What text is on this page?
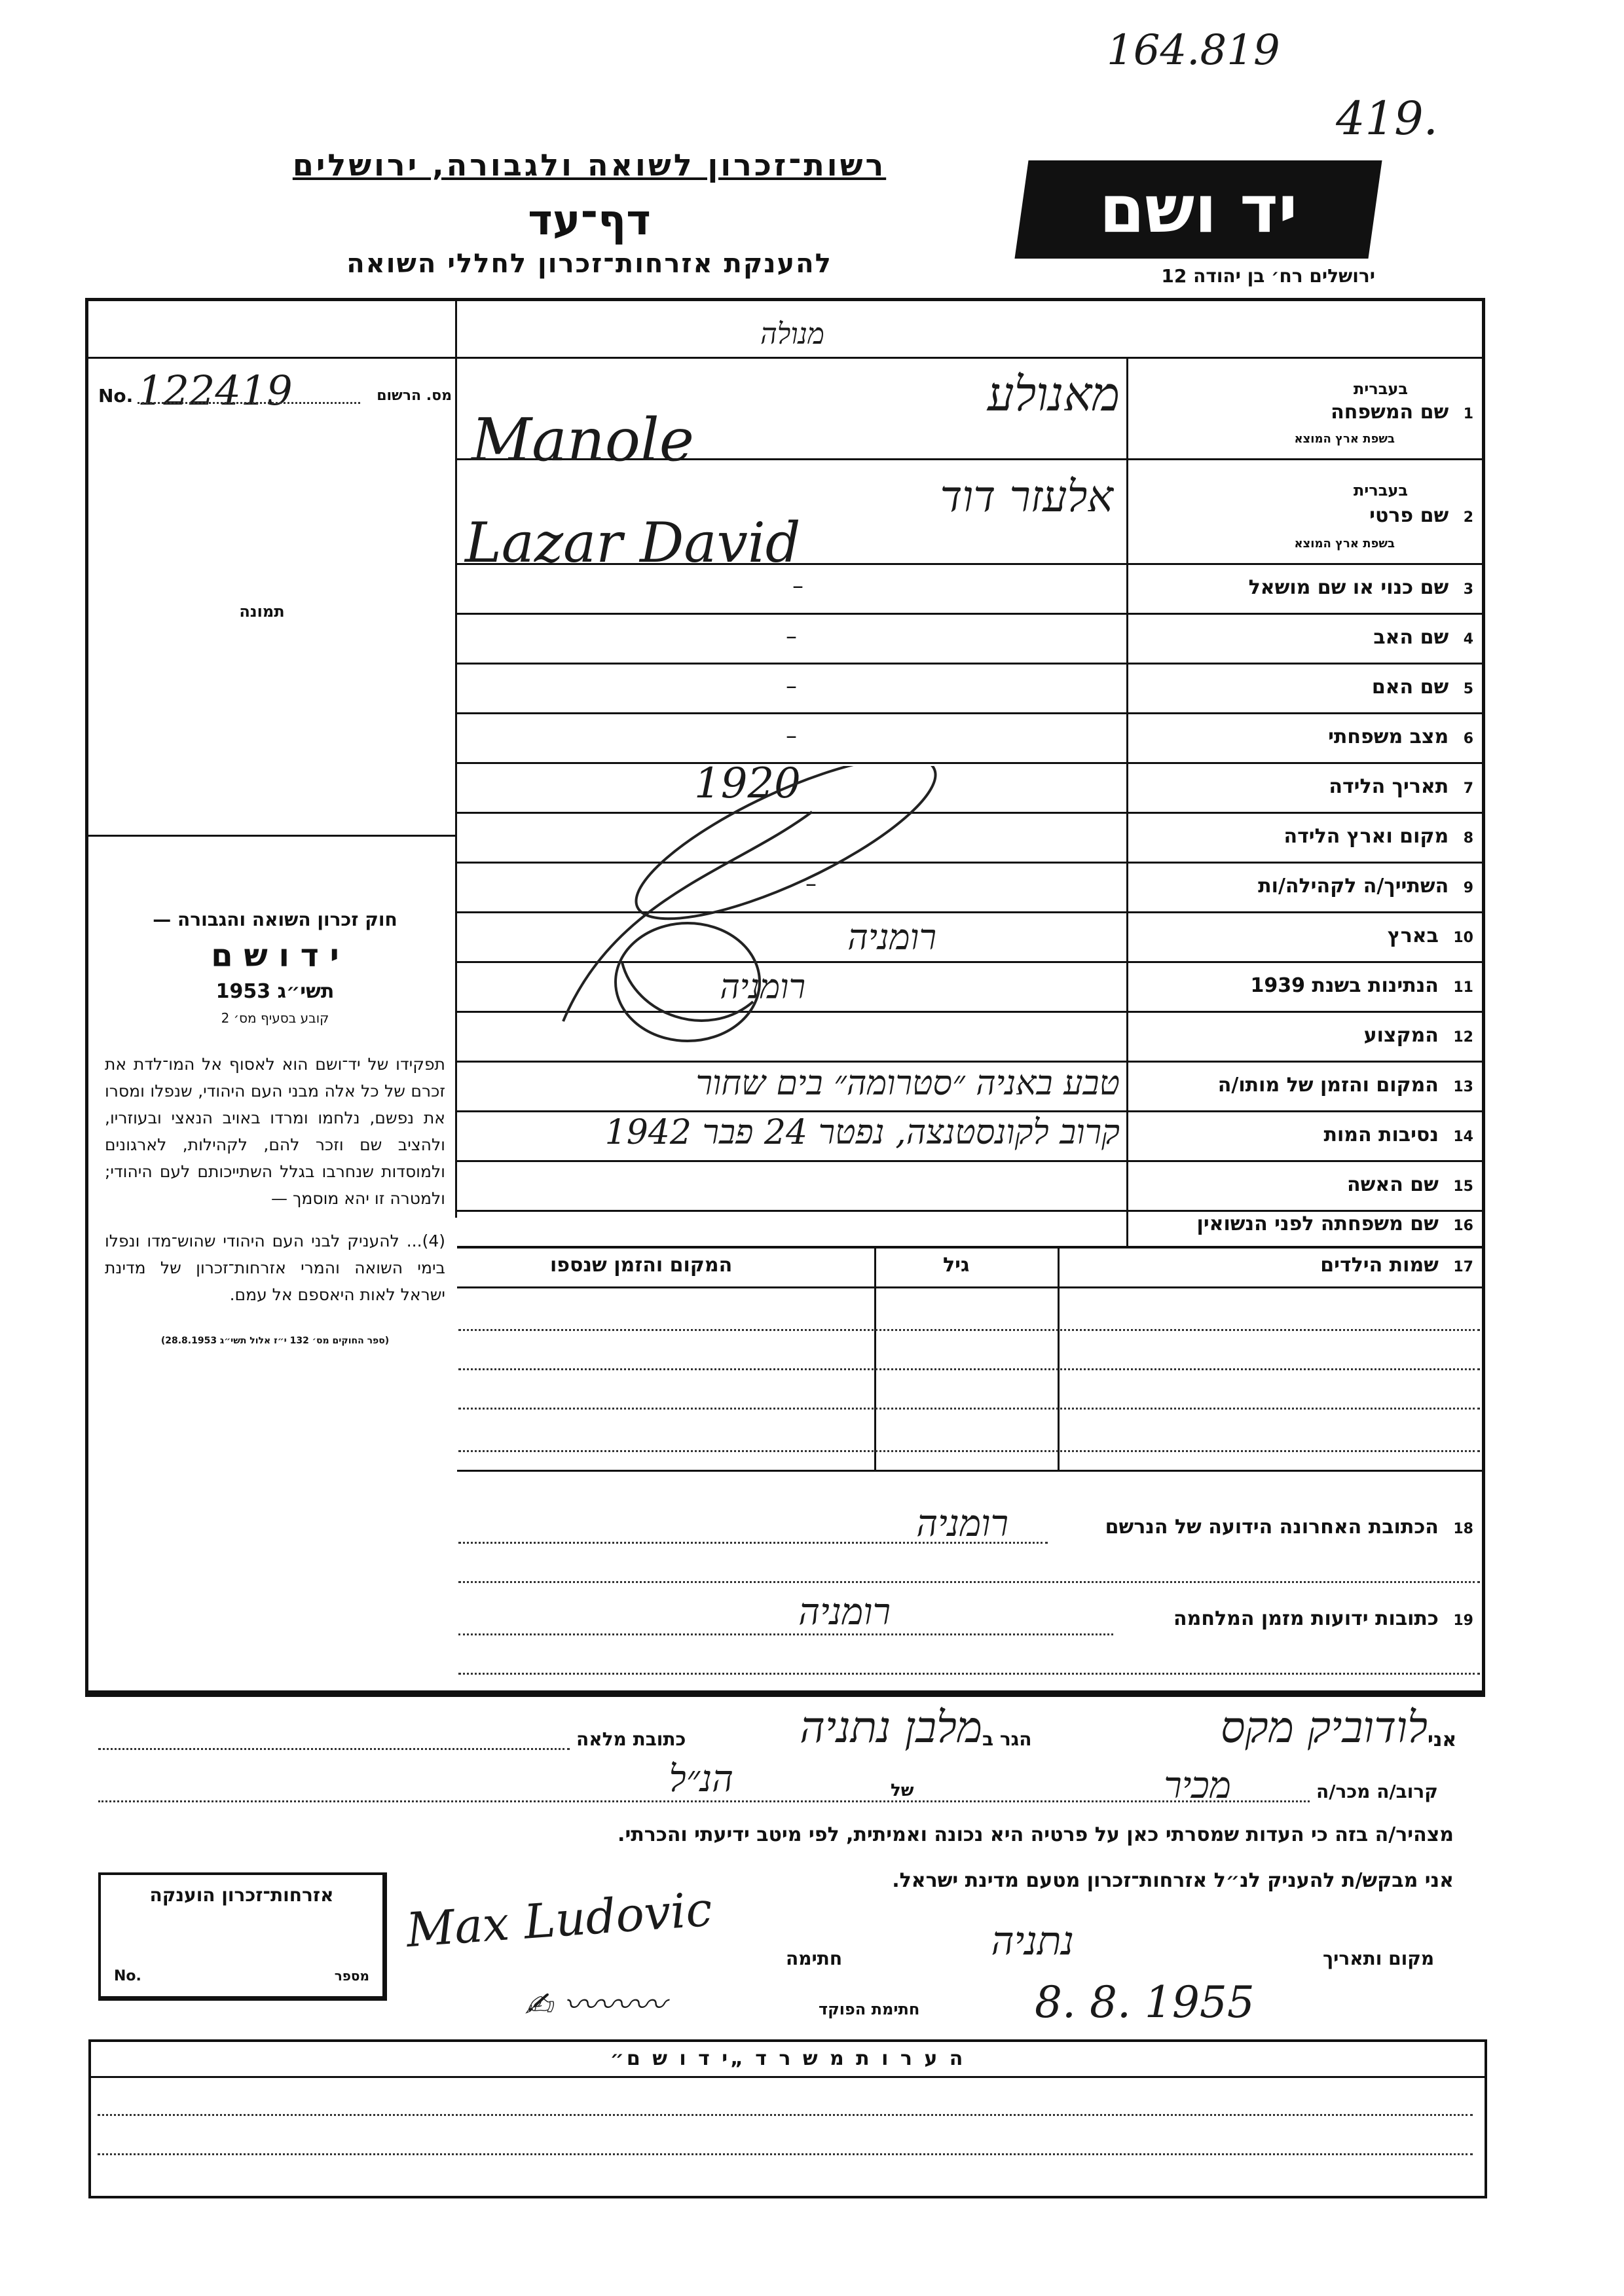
164.819
419.
רשות־זכרון לשואה ולגבורה, ירושלים
דף־עד
להענקת אזרחות־זכרון לחללי השואה
יד ושם
ירושלים רח׳ בן יהודה 12
מנולה
No. 122419	מס. הרשום
תמונה
חוק זכרון השואה והגבורה —
י ד ו ש ם
תשי״ג 1953
קובע בסעיף מס׳ 2
תפקידו של יד־ושם הוא לאסוף אל המו־לדת את זכרם של כל אלה מבני העם היהודי, שנפלו ומסרו את נפשם, נלחמו ומרדו באויב הנאצי ובעוזריו, ולהציב שם וזכר להם, לקהילות, לארגונים ולמוסדות שנחרבו בגלל השתייכותם לעם היהודי; ולמטרה זו יהא מוסמך —
(4)... להעניק לבני העם היהודי שהוש־מדו ונפלו בימי השואה והמרי אזרחות־זכרון של מדינת ישראל לאות היאספם אל עמם.
(ספר החוקים מס׳ 132 י״ז אלול תשי״ג 28.8.1953)
1 שם המשפחה
בעברית
בשפת ארץ המוצא
מאנולע
Manole
2 שם פרטי
בעברית
בשפת ארץ המוצא
אלעזר דוד
Lazar David
3 שם כנוי או שם מושאל
–
4 שם האב
–
5 שם האם
–
6 מצב משפחתי
–
7 תאריך הלידה
1920
8 מקום וארץ הלידה
9 השתייך/ה לקהילה/ות
–
10 בארץ
רומניה
11 הנתינות בשנת 1939
רומניה
12 המקצוע
13 המקום והזמן של מותו/ה
טבע באניה ״סטרומה״ בים שחור
14 נסיבות המות
קרוב לקונסטנצה, נפטר 24 פבר 1942
15 שם האשה
16 שם משפחתה לפני הנשואין
17 שמות הילדים
גיל
המקום והזמן שנספו
18 הכתובת האחרונה הידועה של הנרשם
רומניה
19 כתובות ידועות מזמן המלחמה
רומניה
אני
לודוביק מקס
הגר ב
מלבן נתניה
כתובת מלאה
קרוב/ה מכר/ה
מכיר
של
הנ״ל
מצהיר/ה בזה כי העדות שמסרתי כאן על פרטיה היא נכונה ואמיתית, לפי מיטב ידיעתי והכרתי.
אני מבקש/ת להעניק לנ״ל אזרחות־זכרון מטעם מדינת ישראל.
מקום ותאריך
נתניה
8. 8. 1955
חתימה
Max Ludovic
חתימת הפוקד
✍︎ 〰〰〰
אזרחות־זכרון הוענקה
No.	מספר
ה ע ר ו ת מ ש ר ד „י ד ו ש ם״
